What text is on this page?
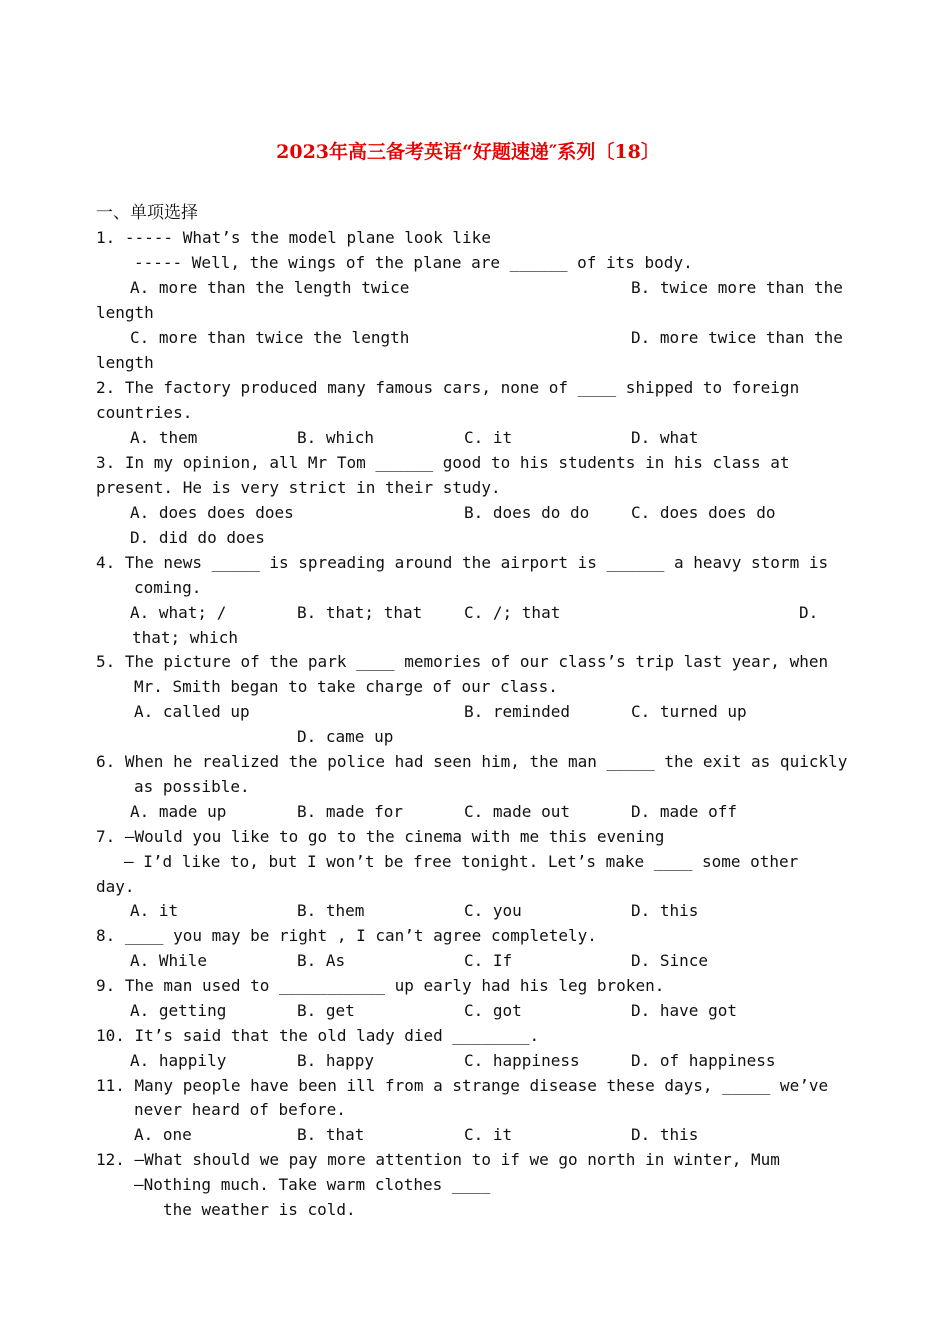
2023年高三备考英语“好题速递″系列〔18〕
一、单项选择
1. ----- What’s the model plane look like
----- Well, the wings of the plane are ______ of its body.
A. more than the length twice	B. twice more than the
length
C. more than twice the length	D. more twice than the
length
2. The factory produced many famous cars, none of ____ shipped to foreign
countries.
A. them	B. which	C. it	D. what
3. In my opinion, all Mr Tom ______ good to his students in his class at
present. He is very strict in their study.
A. does does does	B. does do do	C. does does do
D. did do does
4. The news _____ is spreading around the airport is ______ a heavy storm is
coming.
A. what; /	B. that; that	C. /; that	D.
that; which
5. The picture of the park ____ memories of our class’s trip last year, when
Mr. Smith began to take charge of our class.
A. called up	B. reminded	C. turned up
D. came up
6. When he realized the police had seen him, the man _____ the exit as quickly
as possible.
A. made up	B. made for	C. made out	D. made off
7. —Would you like to go to the cinema with me this evening
— I’d like to, but I won’t be free tonight. Let’s make ____ some other
day.
A. it	B. them	C. you	D. this
8. ____ you may be right , I can’t agree completely.
A. While	B. As	C. If	D. Since
9. The man used to ___________ up early had his leg broken.
A. getting	B. get	C. got	D. have got
10. It’s said that the old lady died ________.
A. happily	B. happy	C. happiness	D. of happiness
11. Many people have been ill from a strange disease these days, _____ we’ve
never heard of before.
A. one	B. that	C. it	D. this
12. —What should we pay more attention to if we go north in winter, Mum
—Nothing much. Take warm clothes ____
the weather is cold.
